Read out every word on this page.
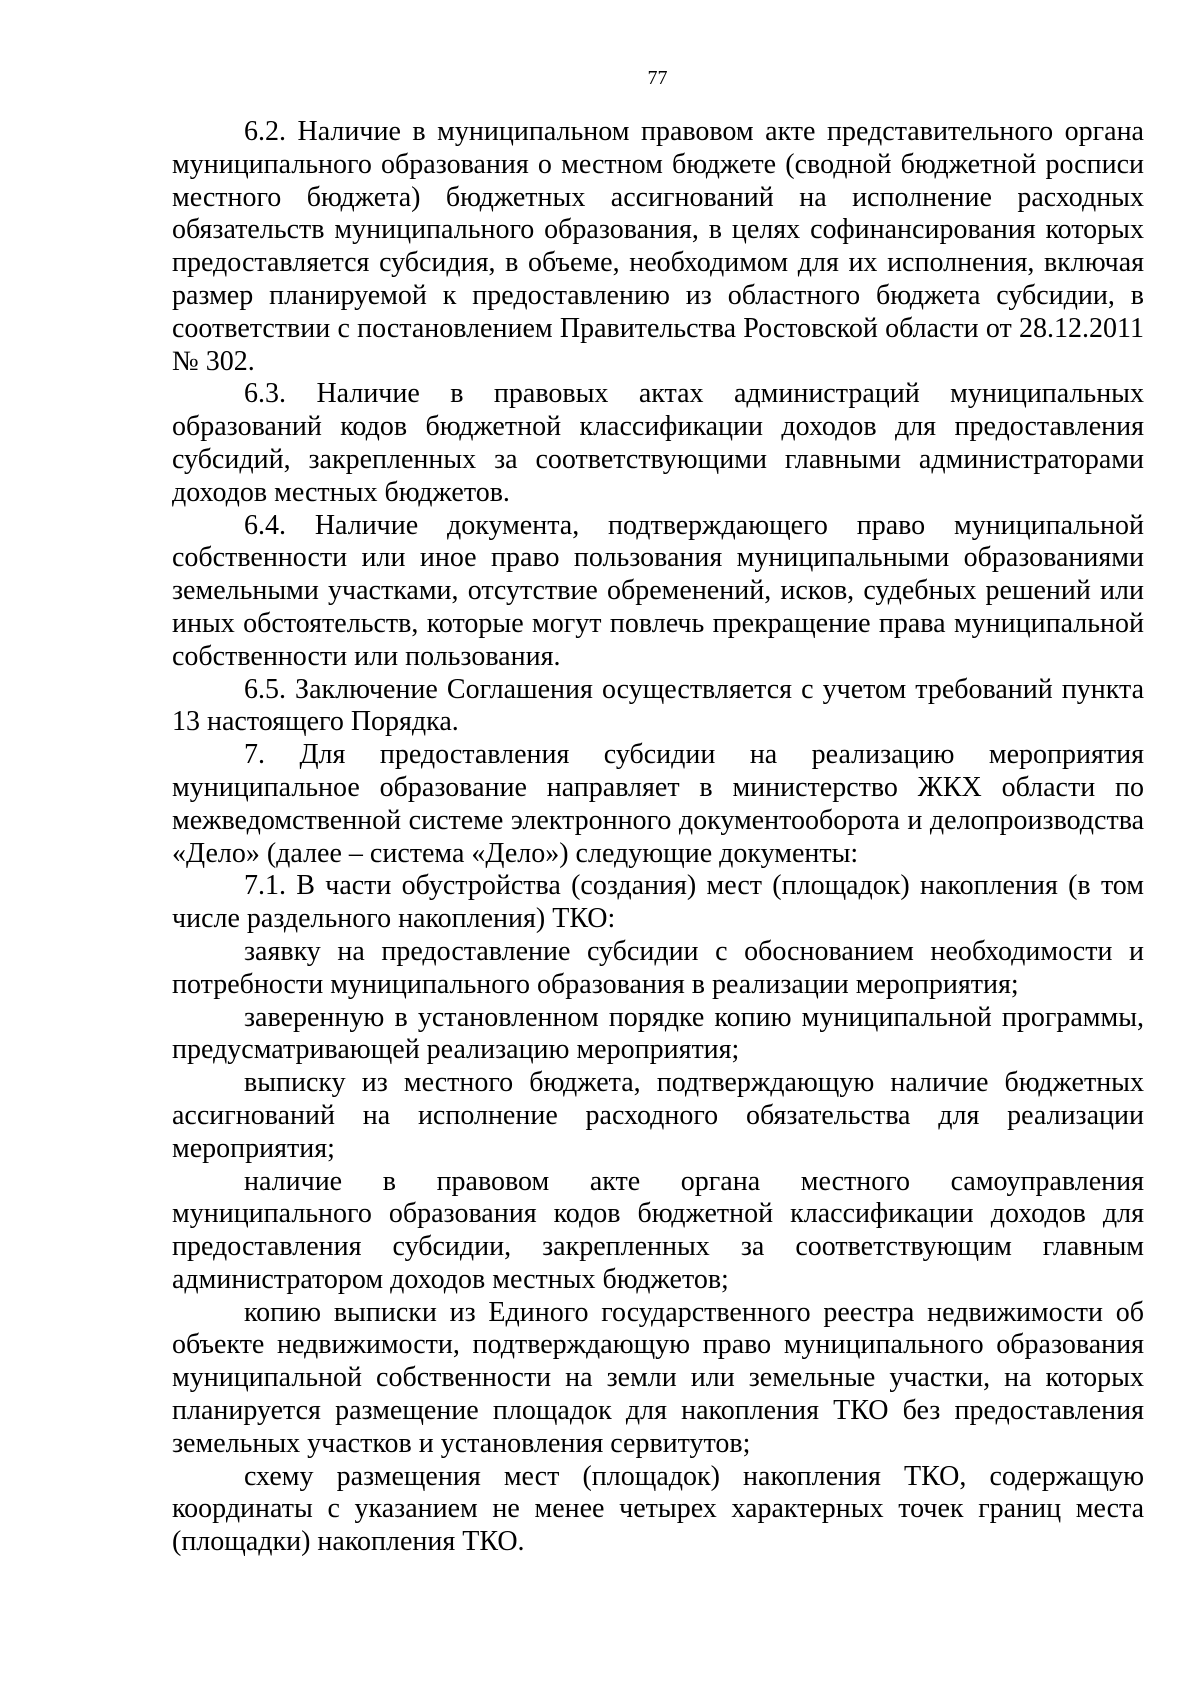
77

6.2. Наличие в муниципальном правовом акте представительного органа муниципального образования о местном бюджете (сводной бюджетной росписи местного бюджета) бюджетных ассигнований на исполнение расходных обязательств муниципального образования, в целях софинансирования которых предоставляется субсидия, в объеме, необходимом для их исполнения, включая размер планируемой к предоставлению из областного бюджета субсидии, в соответствии с постановлением Правительства Ростовской области от 28.12.2011 № 302.

6.3. Наличие в правовых актах администраций муниципальных образований кодов бюджетной классификации доходов для предоставления субсидий, закрепленных за соответствующими главными администраторами доходов местных бюджетов.

6.4. Наличие документа, подтверждающего право муниципальной собственности или иное право пользования муниципальными образованиями земельными участками, отсутствие обременений, исков, судебных решений или иных обстоятельств, которые могут повлечь прекращение права муниципальной собственности или пользования.

6.5. Заключение Соглашения осуществляется с учетом требований пункта 13 настоящего Порядка.

7. Для предоставления субсидии на реализацию мероприятия муниципальное образование направляет в министерство ЖКХ области по межведомственной системе электронного документооборота и делопроизводства «Дело» (далее – система «Дело») следующие документы:

7.1. В части обустройства (создания) мест (площадок) накопления (в том числе раздельного накопления) ТКО:

заявку на предоставление субсидии с обоснованием необходимости и потребности муниципального образования в реализации мероприятия;

заверенную в установленном порядке копию муниципальной программы, предусматривающей реализацию мероприятия;

выписку из местного бюджета, подтверждающую наличие бюджетных ассигнований на исполнение расходного обязательства для реализации мероприятия;

наличие в правовом акте органа местного самоуправления муниципального образования кодов бюджетной классификации доходов для предоставления субсидии, закрепленных за соответствующим главным администратором доходов местных бюджетов;

копию выписки из Единого государственного реестра недвижимости об объекте недвижимости, подтверждающую право муниципального образования муниципальной собственности на земли или земельные участки, на которых планируется размещение площадок для накопления ТКО без предоставления земельных участков и установления сервитутов;

схему размещения мест (площадок) накопления ТКО, содержащую координаты с указанием не менее четырех характерных точек границ места (площадки) накопления ТКО.
